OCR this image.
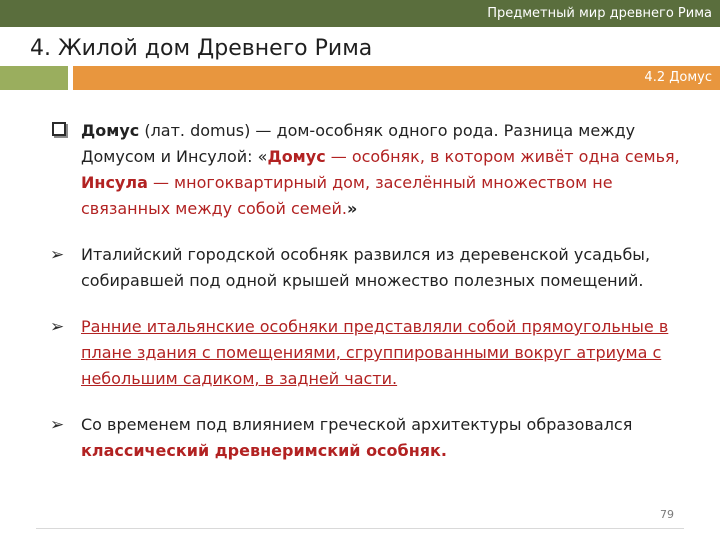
Предметный мир древнего Рима
4. Жилой дом Древнего Рима
4.2 Домус
Домус (лат. domus) — дом-особняк одного рода. Разница между Домусом и Инсулой: «Домус — особняк, в котором живёт одна семья, Инсула — многоквартирный дом, заселённый множеством не связанных между собой семей.»
➢	Италийский городской особняк развился из деревенской усадьбы, собиравшей под одной крышей множество полезных помещений.
➢	Ранние итальянские особняки представляли собой прямоугольные в плане здания с помещениями, сгруппированными вокруг атриума с небольшим садиком, в задней части.
➢	Со временем под влиянием греческой архитектуры образовался классический древнеримский особняк.
79
